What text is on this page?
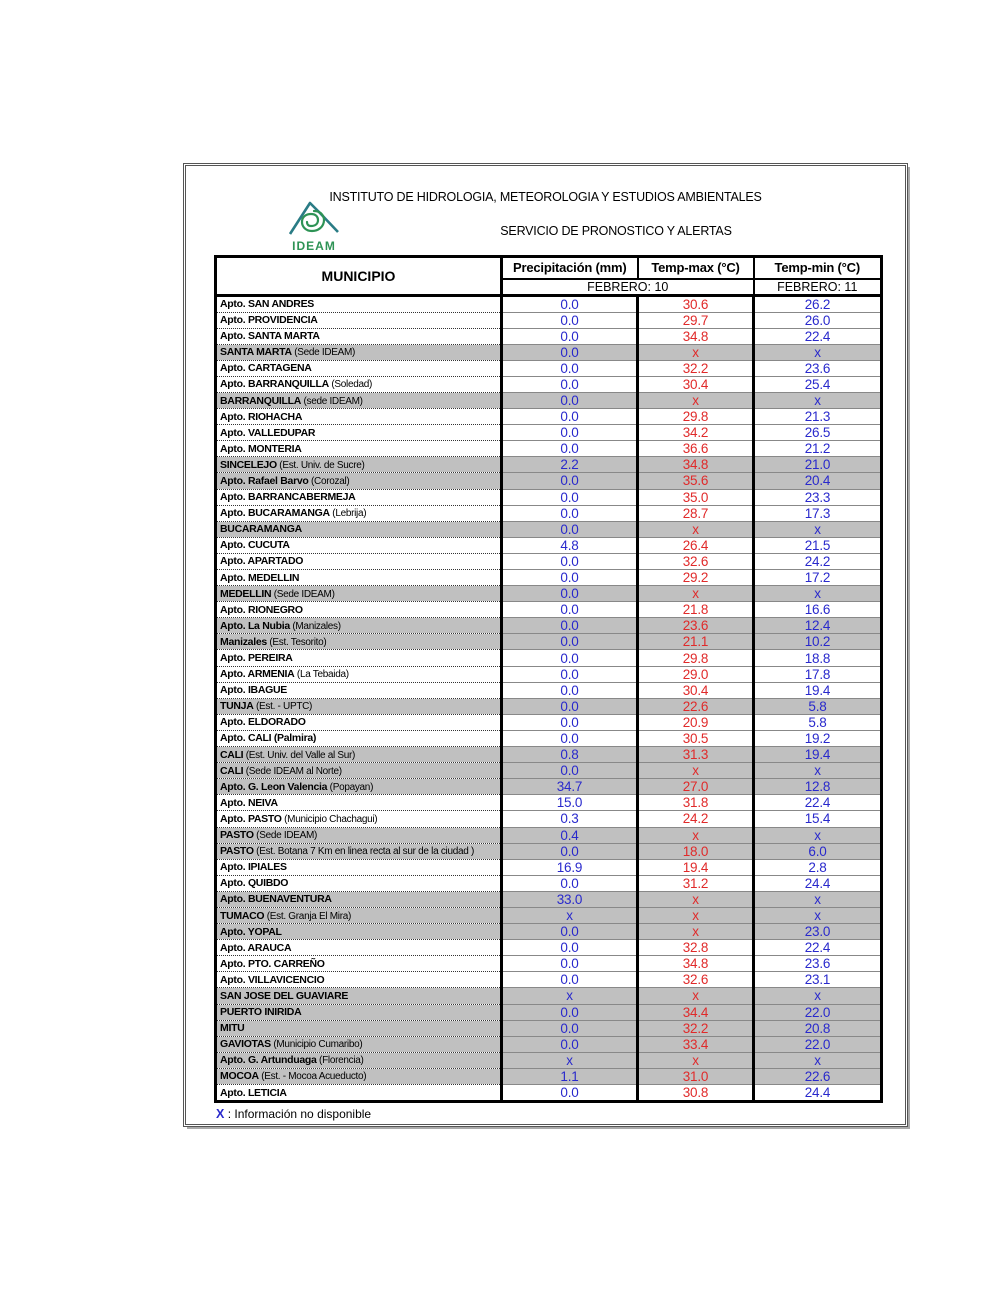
INSTITUTO DE HIDROLOGIA, METEOROLOGIA Y ESTUDIOS AMBIENTALES
IDEAM
SERVICIO DE PRONOSTICO Y ALERTAS
MUNICIPIO	Precipitación (mm)	Temp-max (°C)	Temp-min (°C)
	FEBRERO: 10		FEBRERO: 11
Apto. SAN ANDRES	0.0	30.6	26.2
Apto. PROVIDENCIA	0.0	29.7	26.0
Apto. SANTA MARTA	0.0	34.8	22.4
SANTA MARTA (Sede IDEAM)	0.0	x	x
Apto. CARTAGENA	0.0	32.2	23.6
Apto. BARRANQUILLA (Soledad)	0.0	30.4	25.4
BARRANQUILLA (sede IDEAM)	0.0	x	x
Apto. RIOHACHA	0.0	29.8	21.3
Apto. VALLEDUPAR	0.0	34.2	26.5
Apto. MONTERIA	0.0	36.6	21.2
SINCELEJO (Est. Univ. de Sucre)	2.2	34.8	21.0
Apto. Rafael Barvo (Corozal)	0.0	35.6	20.4
Apto. BARRANCABERMEJA	0.0	35.0	23.3
Apto. BUCARAMANGA (Lebrija)	0.0	28.7	17.3
BUCARAMANGA	0.0	x	x
Apto. CUCUTA	4.8	26.4	21.5
Apto. APARTADO	0.0	32.6	24.2
Apto. MEDELLIN	0.0	29.2	17.2
MEDELLIN (Sede IDEAM)	0.0	x	x
Apto. RIONEGRO	0.0	21.8	16.6
Apto. La Nubia (Manizales)	0.0	23.6	12.4
Manizales (Est. Tesorito)	0.0	21.1	10.2
Apto. PEREIRA	0.0	29.8	18.8
Apto. ARMENIA (La Tebaida)	0.0	29.0	17.8
Apto. IBAGUE	0.0	30.4	19.4
TUNJA (Est. - UPTC)	0.0	22.6	5.8
Apto. ELDORADO	0.0	20.9	5.8
Apto. CALI (Palmira)	0.0	30.5	19.2
CALI (Est. Univ. del Valle al Sur)	0.8	31.3	19.4
CALI (Sede IDEAM al Norte)	0.0	x	x
Apto. G. Leon Valencia (Popayan)	34.7	27.0	12.8
Apto. NEIVA	15.0	31.8	22.4
Apto. PASTO (Municipio Chachagui)	0.3	24.2	15.4
PASTO (Sede IDEAM)	0.4	x	x
PASTO (Est. Botana 7 Km en linea recta al sur de la ciudad )	0.0	18.0	6.0
Apto. IPIALES	16.9	19.4	2.8
Apto. QUIBDO	0.0	31.2	24.4
Apto. BUENAVENTURA	33.0	x	x
TUMACO (Est. Granja El Mira)	x	x	x
Apto. YOPAL	0.0	x	23.0
Apto. ARAUCA	0.0	32.8	22.4
Apto. PTO. CARREÑO	0.0	34.8	23.6
Apto. VILLAVICENCIO	0.0	32.6	23.1
SAN JOSE DEL GUAVIARE	x	x	x
PUERTO INIRIDA	0.0	34.4	22.0
MITU	0.0	32.2	20.8
GAVIOTAS (Municipio Cumaribo)	0.0	33.4	22.0
Apto. G. Artunduaga (Florencia)	x	x	x
MOCOA (Est. - Mocoa Acueducto)	1.1	31.0	22.6
Apto. LETICIA	0.0	30.8	24.4
X : Información no disponible
